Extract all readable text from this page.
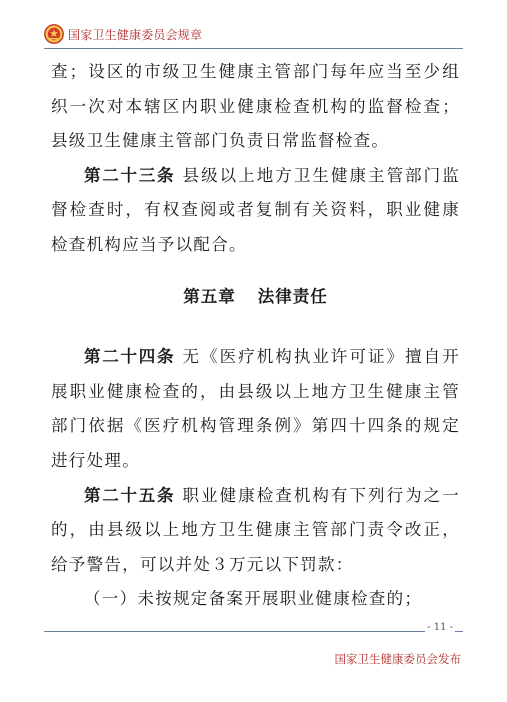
国家卫生健康委员会规章

查；设区的市级卫生健康主管部门每年应当至少组织一次对本辖区内职业健康检查机构的监督检查；县级卫生健康主管部门负责日常监督检查。

第二十三条 县级以上地方卫生健康主管部门监督检查时，有权查阅或者复制有关资料，职业健康检查机构应当予以配合。

第五章 法律责任

第二十四条 无《医疗机构执业许可证》擅自开展职业健康检查的，由县级以上地方卫生健康主管部门依据《医疗机构管理条例》第四十四条的规定进行处理。

第二十五条 职业健康检查机构有下列行为之一的，由县级以上地方卫生健康主管部门责令改正，给予警告，可以并处３万元以下罚款：

（一）未按规定备案开展职业健康检查的；

- 11 -
国家卫生健康委员会发布
